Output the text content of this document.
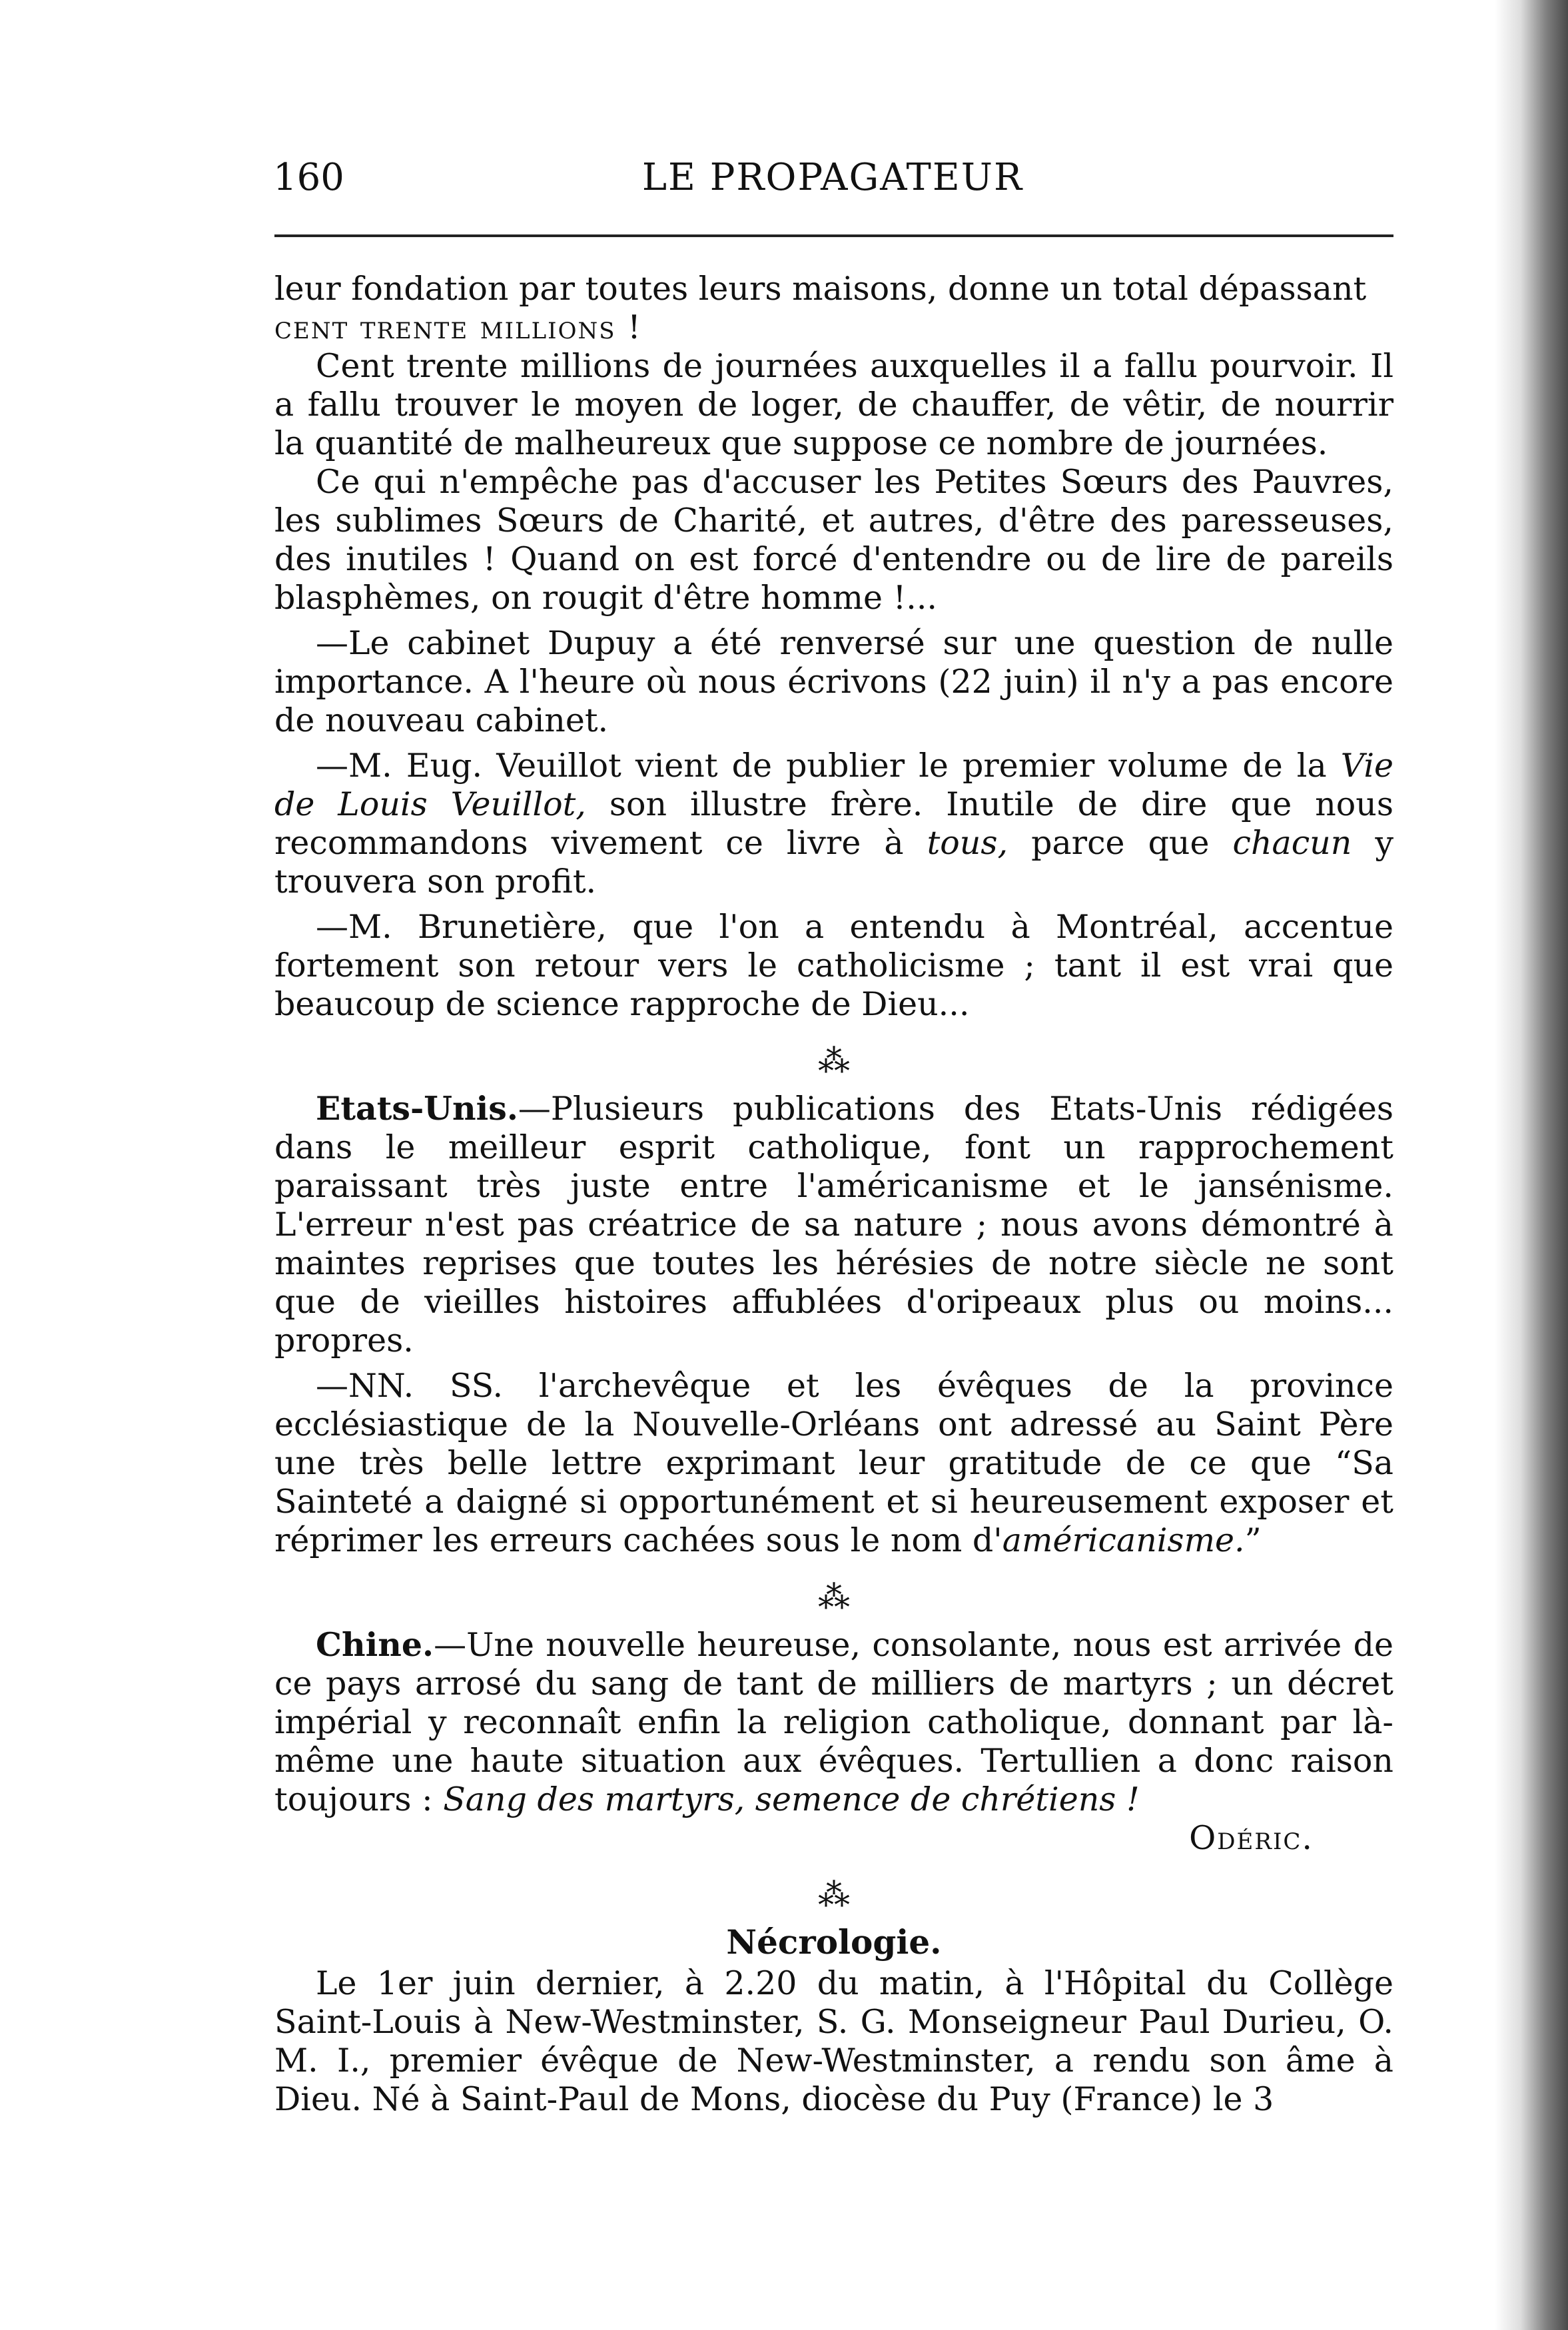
160	LE PROPAGATEUR

leur fondation par toutes leurs maisons, donne un total dépassant
cent trente millions !

Cent trente millions de journées auxquelles il a fallu pourvoir. Il a fallu trouver le moyen de loger, de chauffer, de vêtir, de nourrir la quantité de malheureux que suppose ce nombre de journées.

Ce qui n'empêche pas d'accuser les Petites Sœurs des Pauvres, les sublimes Sœurs de Charité, et autres, d'être des paresseuses, des inutiles ! Quand on est forcé d'entendre ou de lire de pareils blasphèmes, on rougit d'être homme !...

—Le cabinet Dupuy a été renversé sur une question de nulle importance. A l'heure où nous écrivons (22 juin) il n'y a pas encore de nouveau cabinet.

—M. Eug. Veuillot vient de publier le premier volume de la Vie de Louis Veuillot, son illustre frère. Inutile de dire que nous recommandons vivement ce livre à tous, parce que chacun y trouvera son profit.

—M. Brunetière, que l'on a entendu à Montréal, accentue fortement son retour vers le catholicisme ; tant il est vrai que beaucoup de science rapproche de Dieu...

⁂

Etats-Unis.—Plusieurs publications des Etats-Unis rédigées dans le meilleur esprit catholique, font un rapprochement paraissant très juste entre l'américanisme et le jansénisme. L'erreur n'est pas créatrice de sa nature ; nous avons démontré à maintes reprises que toutes les hérésies de notre siècle ne sont que de vieilles histoires affublées d'oripeaux plus ou moins... propres.

—NN. SS. l'archevêque et les évêques de la province ecclésiastique de la Nouvelle-Orléans ont adressé au Saint Père une très belle lettre exprimant leur gratitude de ce que “Sa Sainteté a daigné si opportunément et si heureusement exposer et réprimer les erreurs cachées sous le nom d'américanisme.”

⁂

Chine.—Une nouvelle heureuse, consolante, nous est arrivée de ce pays arrosé du sang de tant de milliers de martyrs ; un décret impérial y reconnaît enfin la religion catholique, donnant par là-même une haute situation aux évêques. Tertullien a donc raison toujours : Sang des martyrs, semence de chrétiens !

Odéric.

⁂
Nécrologie.

Le 1er juin dernier, à 2.20 du matin, à l'Hôpital du Collège Saint-Louis à New-Westminster, S. G. Monseigneur Paul Durieu, O. M. I., premier évêque de New-Westminster, a rendu son âme à Dieu. Né à Saint-Paul de Mons, diocèse du Puy (France) le 3
